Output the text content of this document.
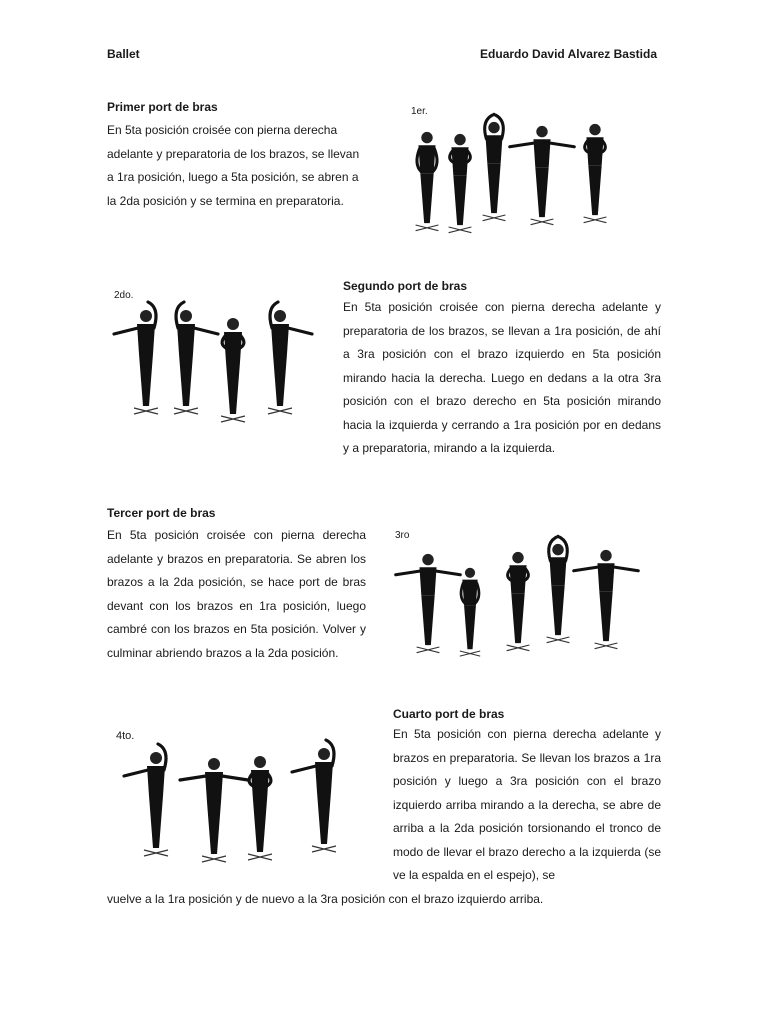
Ballet	Eduardo David Alvarez Bastida
Primer port de bras
En 5ta posición croisée con pierna derecha adelante y preparatoria de los brazos, se llevan a 1ra posición, luego a 5ta posición, se abren a la 2da posición y se termina en preparatoria.
1er.
2do.
Segundo port de bras
En 5ta posición croisée con pierna derecha adelante y preparatoria de los brazos, se llevan a 1ra posición, de ahí a 3ra posición con el brazo izquierdo en 5ta posición mirando hacia la derecha. Luego en dedans a la otra 3ra posición con el brazo derecho en 5ta posición mirando hacia la izquierda y cerrando a 1ra posición por en dedans y a preparatoria, mirando a la izquierda.
Tercer port de bras
En 5ta posición croisée con pierna derecha adelante y brazos en preparatoria. Se abren los brazos a la 2da posición, se hace port de bras devant con los brazos en 1ra posición, luego cambré con los brazos en 5ta posición. Volver y culminar abriendo brazos a la 2da posición.
3ro
4to.
Cuarto port de bras
En 5ta posición con pierna derecha adelante y brazos en preparatoria. Se llevan los brazos a 1ra posición y luego a 3ra posición con el brazo izquierdo arriba mirando a la derecha, se abre de arriba a la 2da posición torsionando el tronco de modo de llevar el brazo derecho a la izquierda (se ve la espalda en el espejo), se
vuelve a la 1ra posición y de nuevo a la 3ra posición con el brazo izquierdo arriba.
